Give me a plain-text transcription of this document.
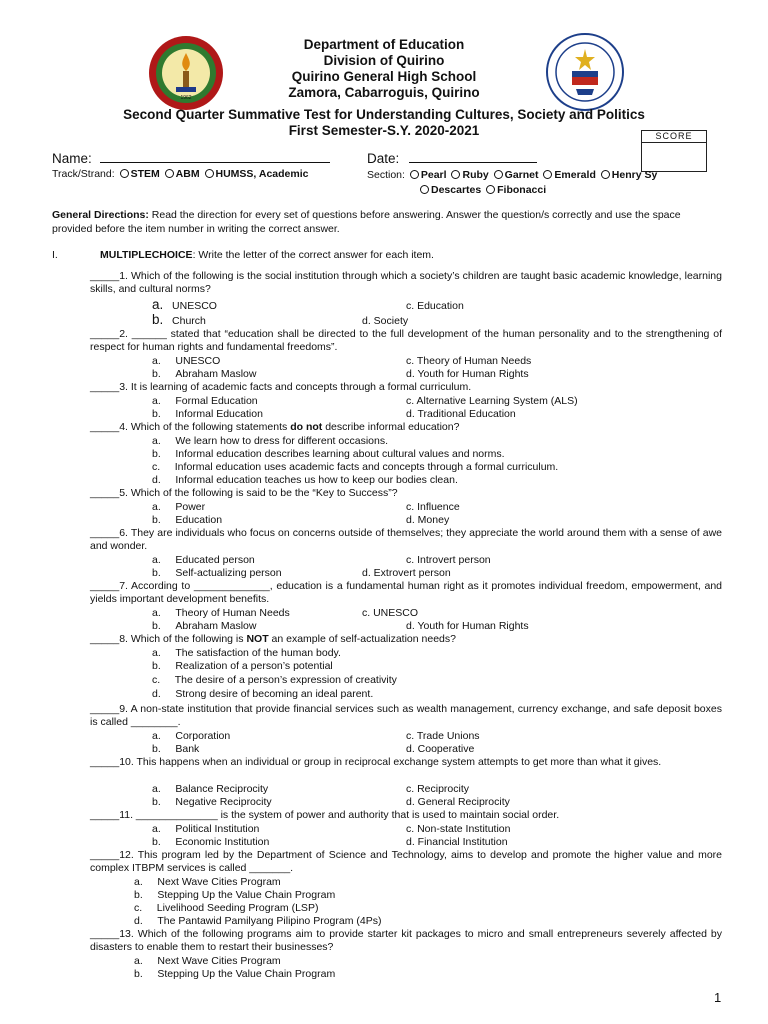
1962
Department of Education
Division of Quirino
Quirino General High School
Zamora, Cabarroguis, Quirino
Second Quarter Summative Test for Understanding Cultures, Society and Politics
First Semester-S.Y. 2020-2021	SCORE
Name:	Date:
Track/Strand: STEM ABM HUMSS, Academic	Section: Pearl Ruby Garnet Emerald Henry Sy
Descartes Fibonacci
General Directions: Read the direction for every set of questions before answering. Answer the question/s correctly and use the space provided before the item number in writing the correct answer.
I.	MULTIPLECHOICE: Write the letter of the correct answer for each item.
_____1. Which of the following is the social institution through which a society’s children are taught basic academic knowledge, learning skills, and cultural norms?
a. UNESCO	c. Education
b. Church	d. Society
_____2. ______ stated that “education shall be directed to the full development of the human personality and to the strengthening of respect for human rights and fundamental freedoms”.
a. UNESCO	c. Theory of Human Needs
b. Abraham Maslow	d. Youth for Human Rights
_____3. It is learning of academic facts and concepts through a formal curriculum.
a. Formal Education	c. Alternative Learning System (ALS)
b. Informal Education	d. Traditional Education
_____4. Which of the following statements do not describe informal education?
a. We learn how to dress for different occasions.
b. Informal education describes learning about cultural values and norms.
c. Informal education uses academic facts and concepts through a formal curriculum.
d. Informal education teaches us how to keep our bodies clean.
_____5. Which of the following is said to be the “Key to Success”?
a. Power	c. Influence
b. Education	d. Money
_____6. They are individuals who focus on concerns outside of themselves; they appreciate the world around them with a sense of awe and wonder.
a. Educated person	c. Introvert person
b. Self-actualizing person	d. Extrovert person
_____7. According to _____________, education is a fundamental human right as it promotes individual freedom, empowerment, and yields important development benefits.
a. Theory of Human Needs	c. UNESCO
b. Abraham Maslow	d. Youth for Human Rights
_____8. Which of the following is NOT an example of self-actualization needs?
a. The satisfaction of the human body.
b. Realization of a person’s potential
c. The desire of a person’s expression of creativity
d. Strong desire of becoming an ideal parent.
_____9. A non-state institution that provide financial services such as wealth management, currency exchange, and safe deposit boxes is called ________.
a. Corporation	c. Trade Unions
b. Bank	d. Cooperative
_____10. This happens when an individual or group in reciprocal exchange system attempts to get more than what it gives.
a. Balance Reciprocity	c. Reciprocity
b. Negative Reciprocity	d. General Reciprocity
_____11. ______________ is the system of power and authority that is used to maintain social order.
a. Political Institution	c. Non-state Institution
b. Economic Institution	d. Financial Institution
_____12. This program led by the Department of Science and Technology, aims to develop and promote the higher value and more complex ITBPM services is called _______.
a. Next Wave Cities Program
b. Stepping Up the Value Chain Program
c. Livelihood Seeding Program (LSP)
d. The Pantawid Pamilyang Pilipino Program (4Ps)
_____13. Which of the following programs aim to provide starter kit packages to micro and small entrepreneurs severely affected by disasters to enable them to restart their businesses?
a. Next Wave Cities Program
b. Stepping Up the Value Chain Program
1
